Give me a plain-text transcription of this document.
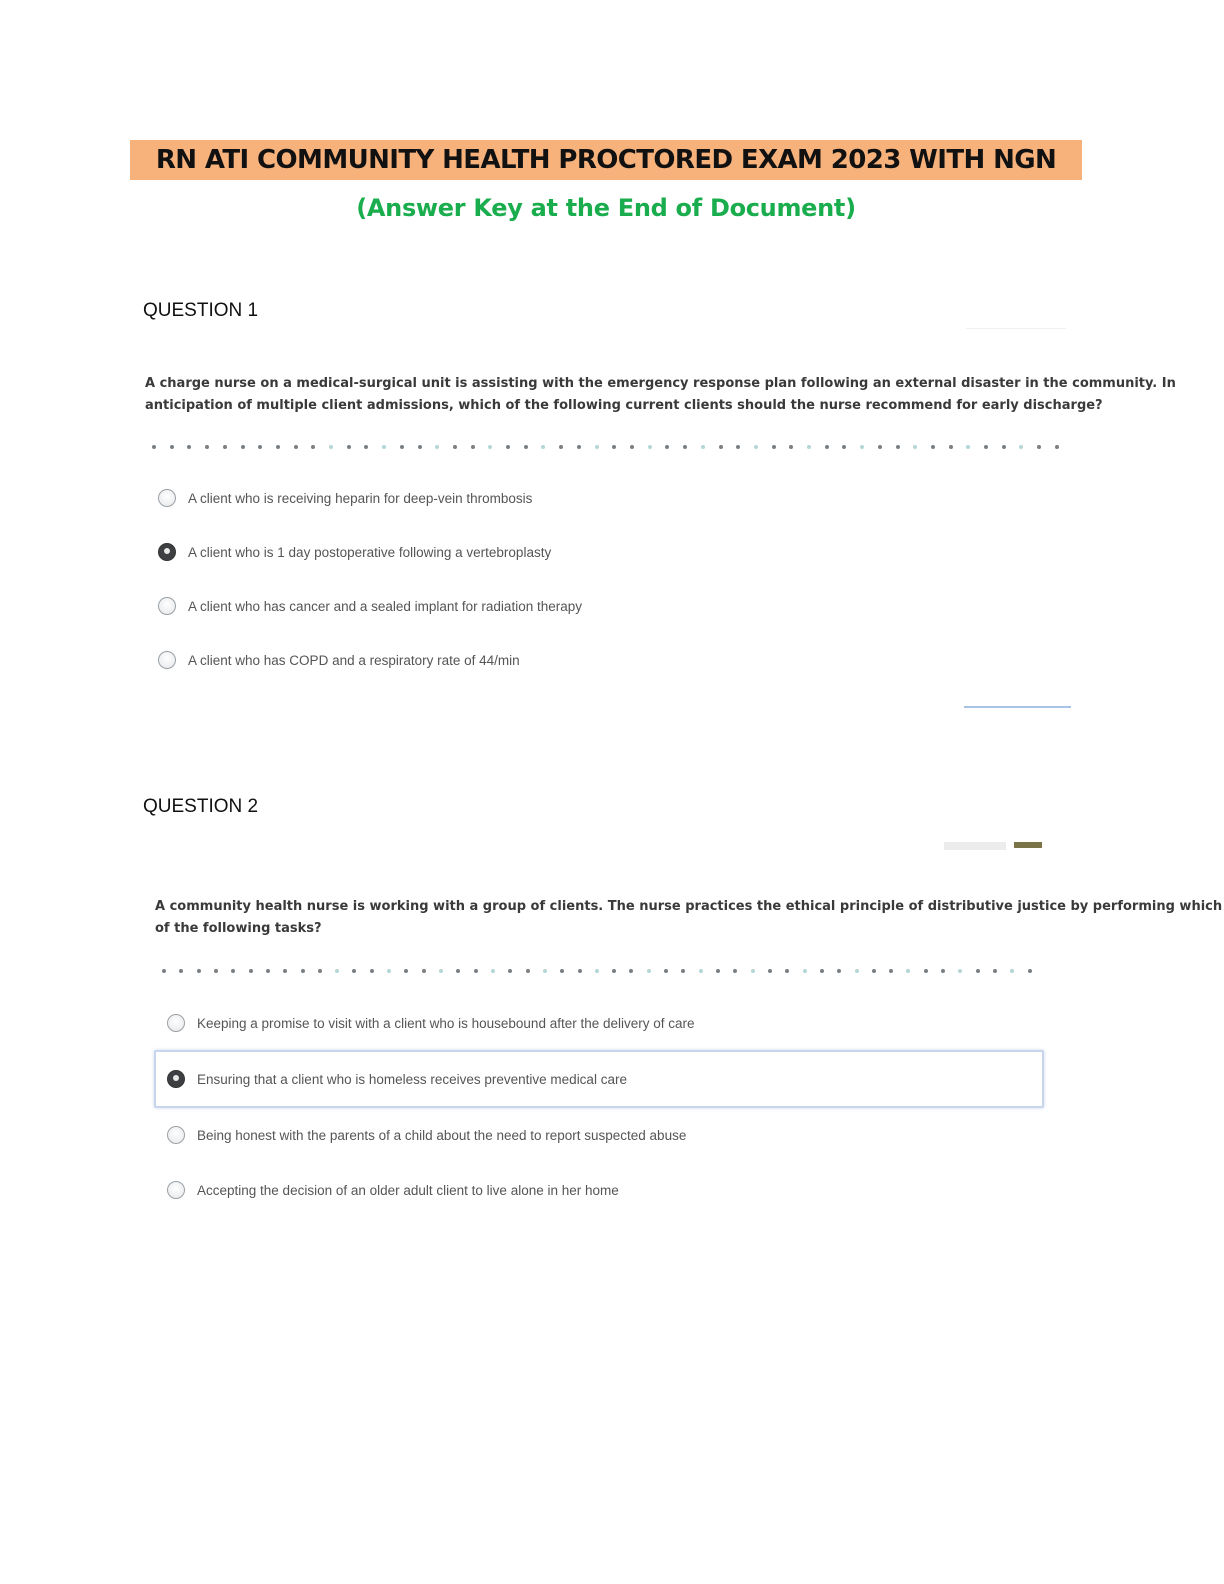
RN ATI COMMUNITY HEALTH PROCTORED EXAM 2023 WITH NGN

(Answer Key at the End of Document)

QUESTION 1

A charge nurse on a medical-surgical unit is assisting with the emergency response plan following an external disaster in the community. In

anticipation of multiple client admissions, which of the following current clients should the nurse recommend for early discharge?

A client who is receiving heparin for deep-vein thrombosis
A client who is 1 day postoperative following a vertebroplasty
A client who has cancer and a sealed implant for radiation therapy
A client who has COPD and a respiratory rate of 44/min

QUESTION 2

A community health nurse is working with a group of clients. The nurse practices the ethical principle of distributive justice by performing which

of the following tasks?

Keeping a promise to visit with a client who is housebound after the delivery of care
Ensuring that a client who is homeless receives preventive medical care
Being honest with the parents of a child about the need to report suspected abuse
Accepting the decision of an older adult client to live alone in her home
